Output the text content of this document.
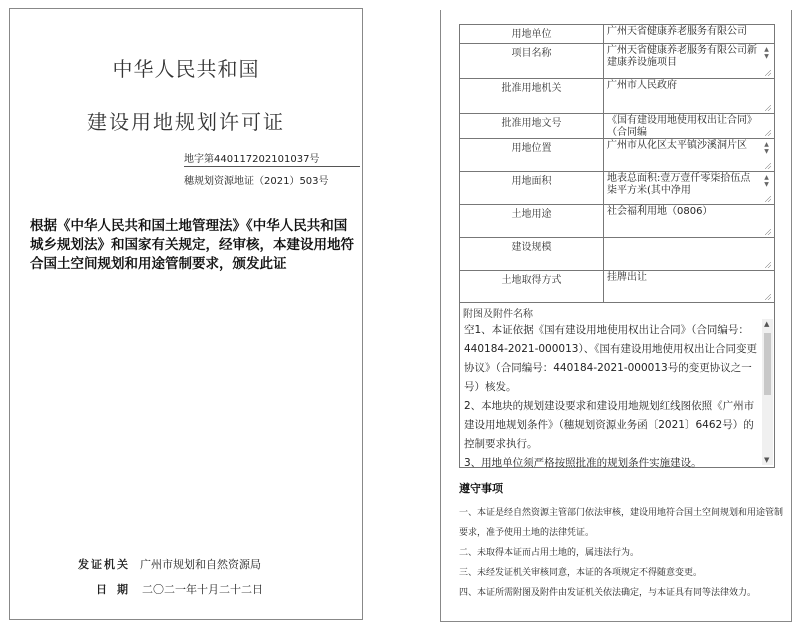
中华人民共和国
建设用地规划许可证
地字第440117202101037号
穗规划资源地证（2021）503号
根据《中华人民共和国土地管理法》《中华人民共和国城乡规划法》和国家有关规定，经审核，本建设用地符合国土空间规划和用途管制要求，颁发此证
发证机关 广州市规划和自然资源局
日期 二〇二一年十月二十二日
用地单位	广州天省健康养老服务有限公司

项目名称	广州天省健康养老服务有限公司新建康养设施项目
▲
▼

批准用地机关	广州市人民政府

批准用地文号	《国有建设用地使用权出让合同》（合同编

用地位置	广州市从化区太平镇沙溪洞片区 ▲
▼

用地面积	地表总面积:壹万壹仟零柒拾伍点柒平方米(其中净用
▲
▼

土地用途	社会福利用地（0806）

建设规模	

土地取得方式	挂牌出让
附图及附件名称

空1、本证依据《国有建设用地使用权出让合同》（合同编号：440184-2021-000013）、《国有建设用地使用权出让合同变更协议》（合同编号：440184-2021-000013号的变更协议之一号）核发。

2、本地块的规划建设要求和建设用地规划红线图依照《广州市建设用地规划条件》（穗规划资源业务函〔2021〕6462号）的控制要求执行。

3、用地单位须严格按照批准的规划条件实施建设。

▲
▼
遵守事项

一、本证是经自然资源主管部门依法审核，建设用地符合国土空间规划和用途管制要求，准予使用土地的法律凭证。

二、未取得本证而占用土地的，属违法行为。

三、未经发证机关审核同意，本证的各项规定不得随意变更。

四、本证所需附图及附件由发证机关依法确定，与本证具有同等法律效力。
